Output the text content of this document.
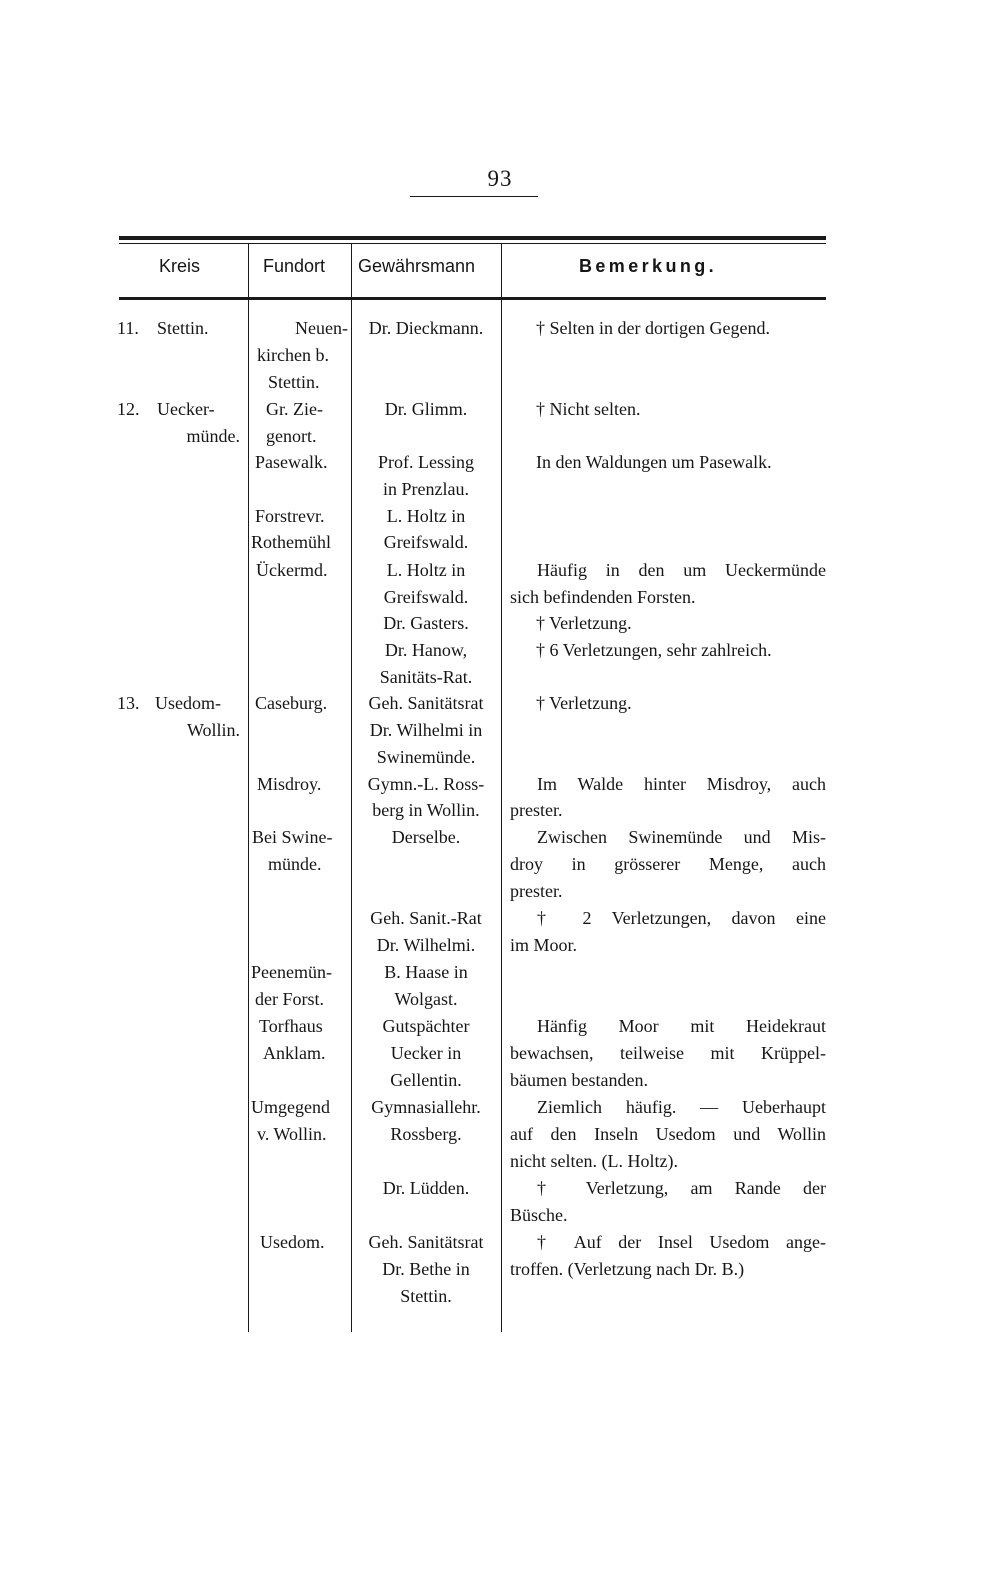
93
Kreis	Fundort Gewährsmann	Bemerkung.
11. Stettin.
12. Uecker-
münde.
13. Usedom-
Wollin.
Neuen-
kirchen b.
Stettin.
Gr. Zie-
genort.
Pasewalk.
Forstrevr.
Rothemühl
Ückermd.
Caseburg.
Misdroy.
Bei Swine-
münde.
Peenemün-
der Forst.
Torfhaus
Anklam.
Umgegend
v. Wollin.
Usedom.
Dr. Dieckmann.
Dr. Glimm.
Prof. Lessing
in Prenzlau.
L. Holtz in
Greifswald.
L. Holtz in
Greifswald.
Dr. Gasters.
Dr. Hanow,
Sanitäts-Rat.
Geh. Sanitätsrat
Dr. Wilhelmi in
Swinemünde.
Gymn.-L. Ross-
berg in Wollin.
Derselbe.
Geh. Sanit.-Rat
Dr. Wilhelmi.
B. Haase in
Wolgast.
Gutspächter
Uecker in
Gellentin.
Gymnasiallehr.
Rossberg.
Dr. Lüdden.
Geh. Sanitätsrat
Dr. Bethe in
Stettin.
† Selten in der dortigen Gegend.
† Nicht selten.
In den Waldungen um Pasewalk.
Häufig in den um Ueckermünde
sich befindenden Forsten.
† Verletzung.
† 6 Verletzungen, sehr zahlreich.
† Verletzung.
Im Walde hinter Misdroy, auch
prester.
Zwischen Swinemünde und Mis-
droy in grösserer Menge, auch
prester.
† 2 Verletzungen, davon eine
im Moor.
Hänfig Moor mit Heidekraut
bewachsen, teilweise mit Krüppel-
bäumen bestanden.
Ziemlich häufig. — Ueberhaupt
auf den Inseln Usedom und Wollin
nicht selten. (L. Holtz).
† Verletzung, am Rande der
Büsche.
† Auf der Insel Usedom ange-
troffen. (Verletzung nach Dr. B.)
